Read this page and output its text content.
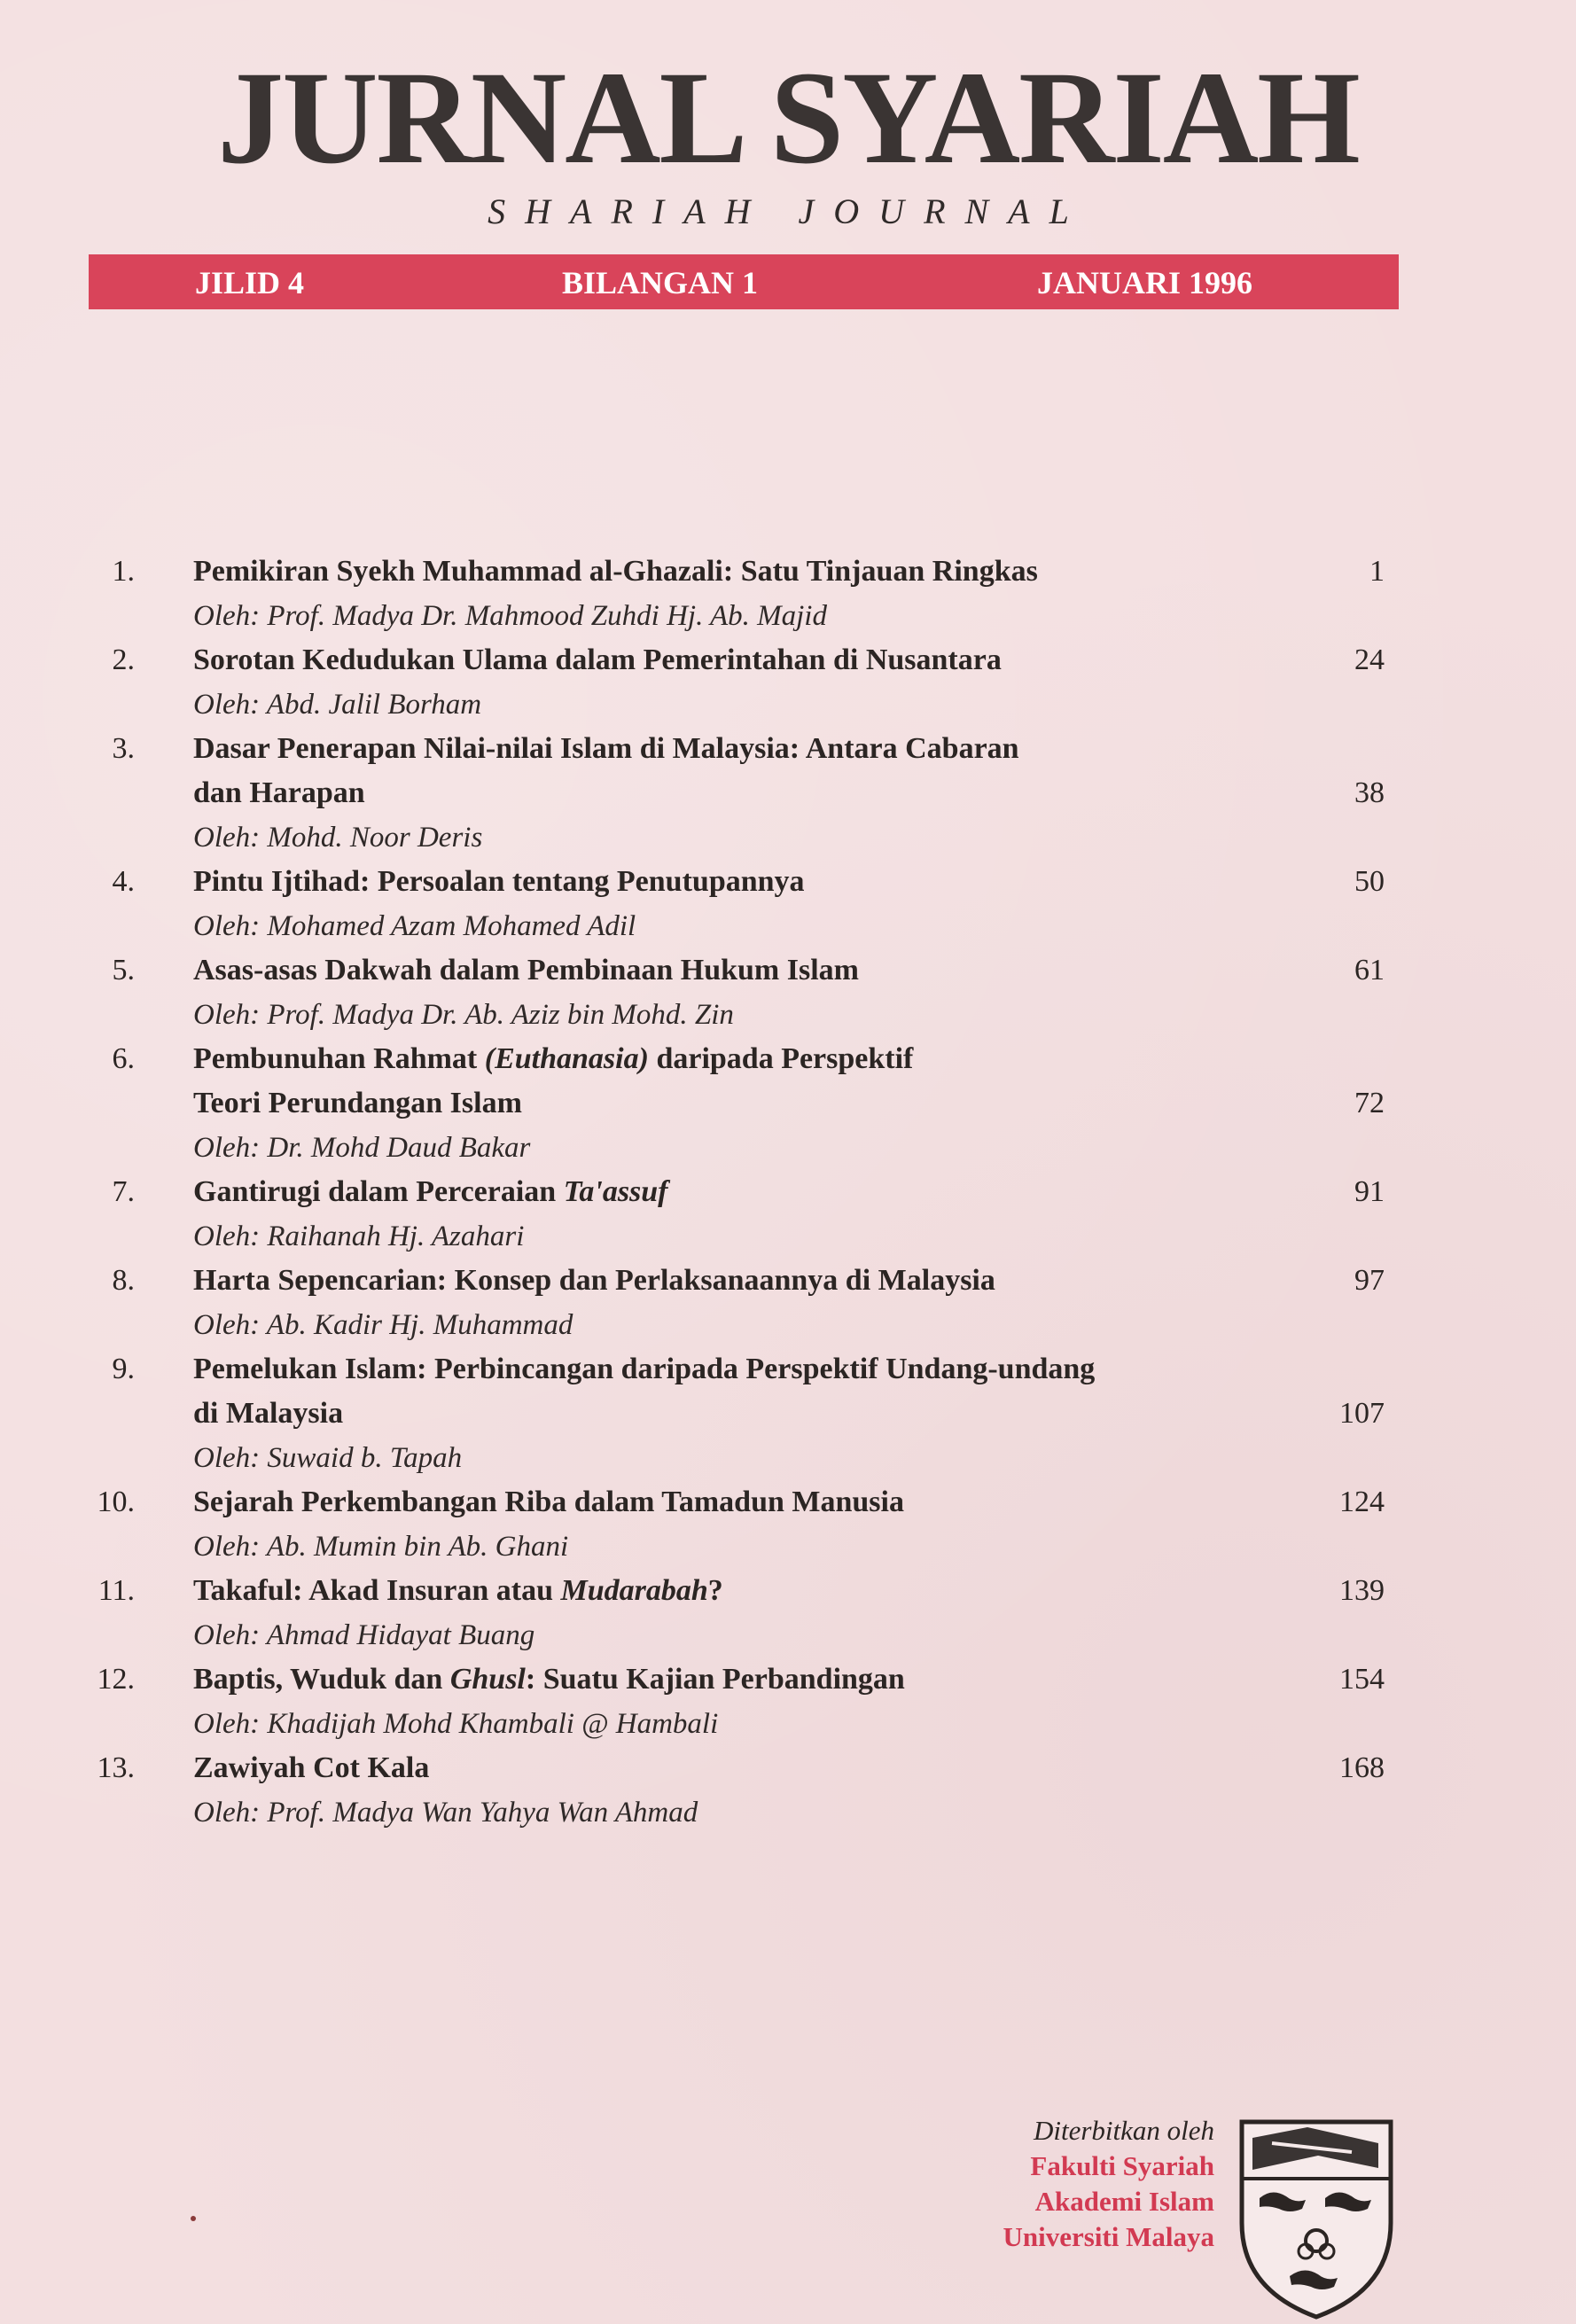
JURNAL SYARIAH
SHARIAH JOURNAL
JILID 4	BILANGAN 1	JANUARI 1996
1. Pemikiran Syekh Muhammad al-Ghazali: Satu Tinjauan Ringkas	1
Oleh: Prof. Madya Dr. Mahmood Zuhdi Hj. Ab. Majid
2. Sorotan Kedudukan Ulama dalam Pemerintahan di Nusantara	24
Oleh: Abd. Jalil Borham
3. Dasar Penerapan Nilai-nilai Islam di Malaysia: Antara Cabaran
dan Harapan	38
Oleh: Mohd. Noor Deris
4. Pintu Ijtihad: Persoalan tentang Penutupannya	50
Oleh: Mohamed Azam Mohamed Adil
5. Asas-asas Dakwah dalam Pembinaan Hukum Islam	61
Oleh: Prof. Madya Dr. Ab. Aziz bin Mohd. Zin
6. Pembunuhan Rahmat (Euthanasia) daripada Perspektif
Teori Perundangan Islam	72
Oleh: Dr. Mohd Daud Bakar
7. Gantirugi dalam Perceraian Ta'assuf	91
Oleh: Raihanah Hj. Azahari
8. Harta Sepencarian: Konsep dan Perlaksanaannya di Malaysia	97
Oleh: Ab. Kadir Hj. Muhammad
9. Pemelukan Islam: Perbincangan daripada Perspektif Undang-undang
di Malaysia	107
Oleh: Suwaid b. Tapah
10. Sejarah Perkembangan Riba dalam Tamadun Manusia	124
Oleh: Ab. Mumin bin Ab. Ghani
11. Takaful: Akad Insuran atau Mudarabah?	139
Oleh: Ahmad Hidayat Buang
12. Baptis, Wuduk dan Ghusl: Suatu Kajian Perbandingan	154
Oleh: Khadijah Mohd Khambali @ Hambali
13. Zawiyah Cot Kala	168
Oleh: Prof. Madya Wan Yahya Wan Ahmad
Diterbitkan oleh
Fakulti Syariah
Akademi Islam
Universiti Malaya
